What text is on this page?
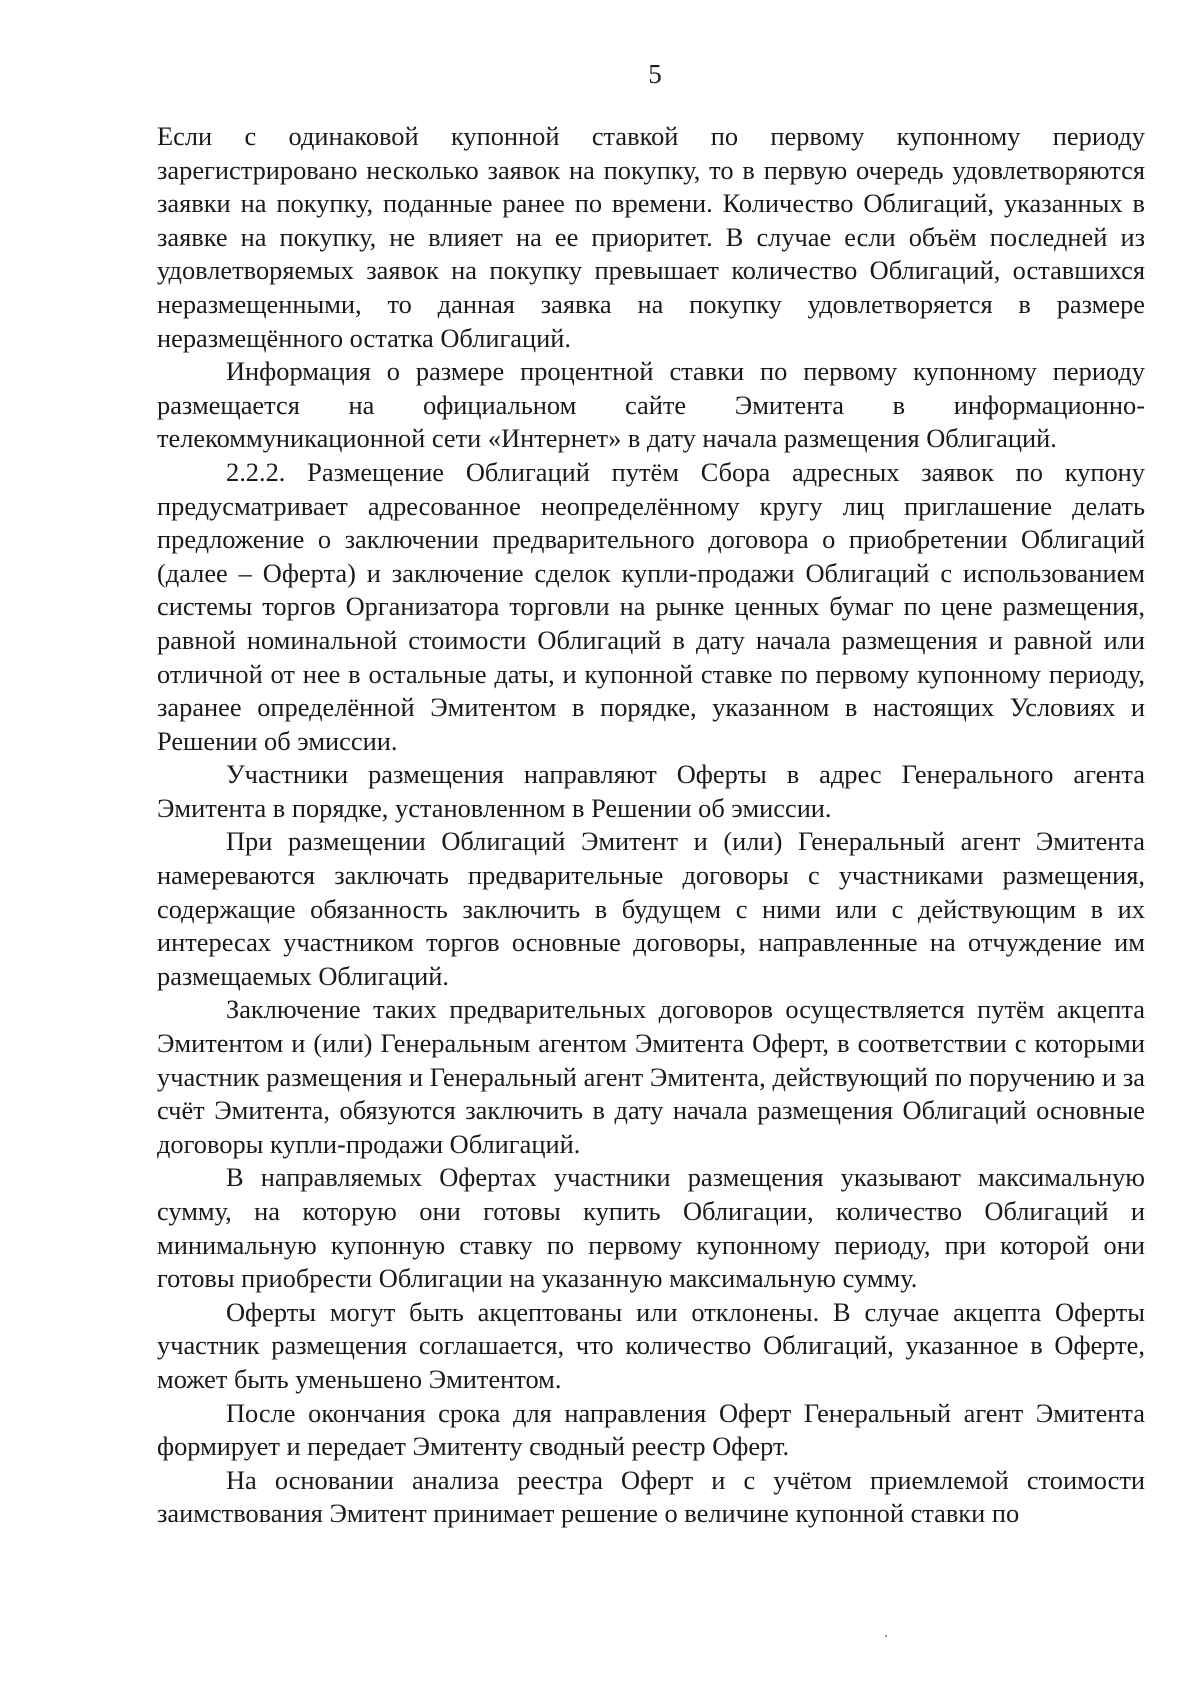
5

Если с одинаковой купонной ставкой по первому купонному периоду зарегистрировано несколько заявок на покупку, то в первую очередь удовлетворяются заявки на покупку, поданные ранее по времени. Количество Облигаций, указанных в заявке на покупку, не влияет на ее приоритет. В случае если объём последней из удовлетворяемых заявок на покупку превышает количество Облигаций, оставшихся неразмещенными, то данная заявка на покупку удовлетворяется в размере неразмещённого остатка Облигаций.

Информация о размере процентной ставки по первому купонному периоду размещается на официальном сайте Эмитента в информационно-телекоммуникационной сети «Интернет» в дату начала размещения Облигаций.

2.2.2. Размещение Облигаций путём Сбора адресных заявок по купону предусматривает адресованное неопределённому кругу лиц приглашение делать предложение о заключении предварительного договора о приобретении Облигаций (далее – Оферта) и заключение сделок купли-продажи Облигаций с использованием системы торгов Организатора торговли на рынке ценных бумаг по цене размещения, равной номинальной стоимости Облигаций в дату начала размещения и равной или отличной от нее в остальные даты, и купонной ставке по первому купонному периоду, заранее определённой Эмитентом в порядке, указанном в настоящих Условиях и Решении об эмиссии.

Участники размещения направляют Оферты в адрес Генерального агента Эмитента в порядке, установленном в Решении об эмиссии.

При размещении Облигаций Эмитент и (или) Генеральный агент Эмитента намереваются заключать предварительные договоры с участниками размещения, содержащие обязанность заключить в будущем с ними или с действующим в их интересах участником торгов основные договоры, направленные на отчуждение им размещаемых Облигаций.

Заключение таких предварительных договоров осуществляется путём акцепта Эмитентом и (или) Генеральным агентом Эмитента Оферт, в соответствии с которыми участник размещения и Генеральный агент Эмитента, действующий по поручению и за счёт Эмитента, обязуются заключить в дату начала размещения Облигаций основные договоры купли-продажи Облигаций.

В направляемых Офертах участники размещения указывают максимальную сумму, на которую они готовы купить Облигации, количество Облигаций и минимальную купонную ставку по первому купонному периоду, при которой они готовы приобрести Облигации на указанную максимальную сумму.

Оферты могут быть акцептованы или отклонены. В случае акцепта Оферты участник размещения соглашается, что количество Облигаций, указанное в Оферте, может быть уменьшено Эмитентом.

После окончания срока для направления Оферт Генеральный агент Эмитента формирует и передает Эмитенту сводный реестр Оферт.

На основании анализа реестра Оферт и с учётом приемлемой стоимости заимствования Эмитент принимает решение о величине купонной ставки по
